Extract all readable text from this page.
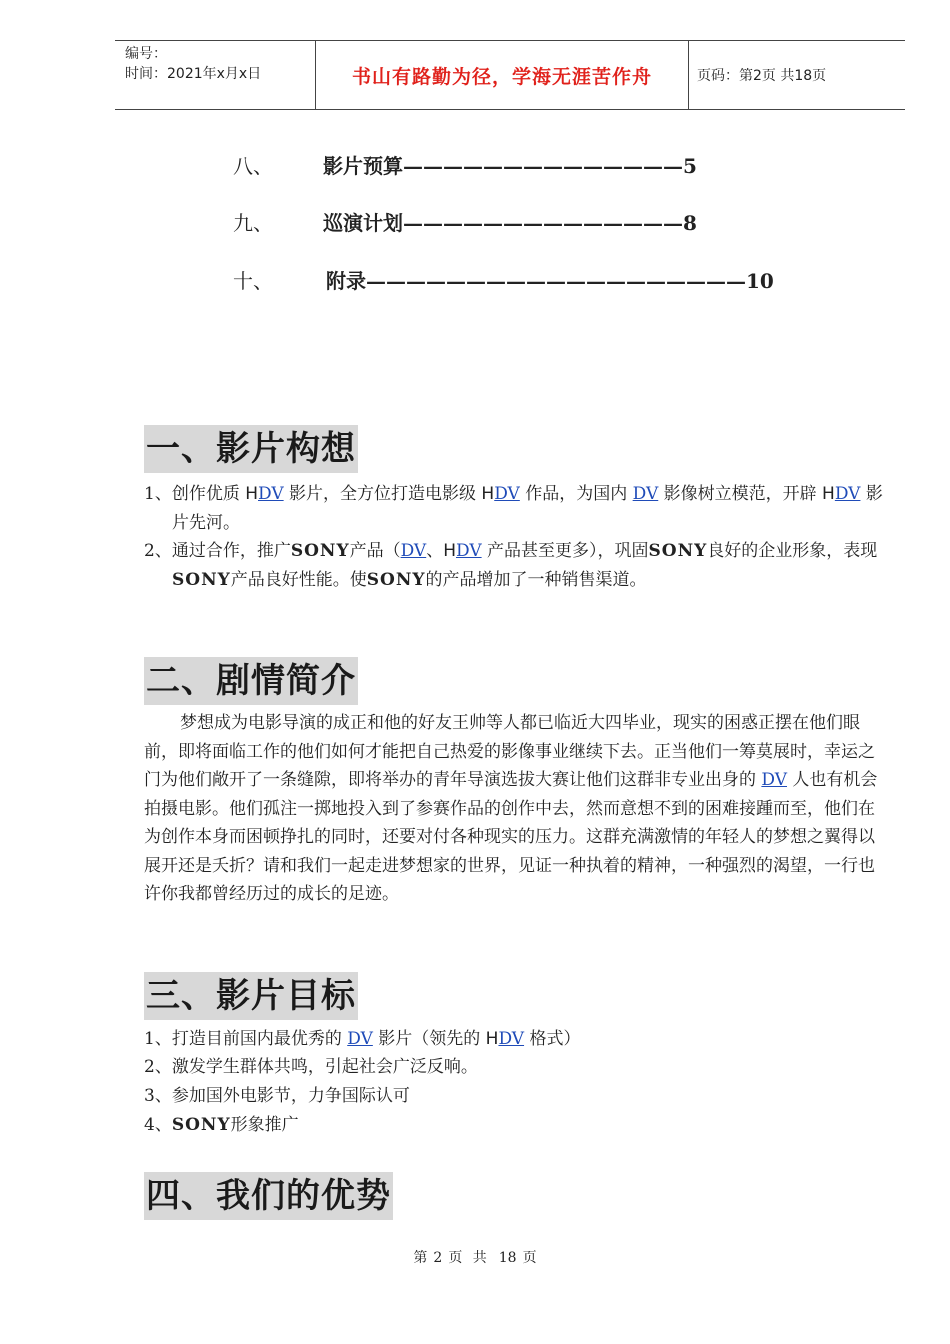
编号：
时间：2021年x月x日	书山有路勤为径，学海无涯苦作舟	页码：第2页 共18页
八、	影片预算——————————————5
九、	巡演计划——————————————8
十、	附录———————————————————10
一、影片构想
1、创作优质 HDV 影片，全方位打造电影级 HDV 作品，为国内 DV 影像树立模范，开辟 HDV 影片先河。
2、通过合作，推广SONY产品（DV、HDV 产品甚至更多），巩固SONY良好的企业形象，表现SONY产品良好性能。使SONY的产品增加了一种销售渠道。
二、剧情简介
梦想成为电影导演的成正和他的好友王帅等人都已临近大四毕业，现实的困惑正摆在他们眼前，即将面临工作的他们如何才能把自己热爱的影像事业继续下去。正当他们一筹莫展时，幸运之门为他们敞开了一条缝隙，即将举办的青年导演选拔大赛让他们这群非专业出身的 DV 人也有机会拍摄电影。他们孤注一掷地投入到了参赛作品的创作中去，然而意想不到的困难接踵而至，他们在为创作本身而困顿挣扎的同时，还要对付各种现实的压力。这群充满激情的年轻人的梦想之翼得以展开还是夭折？请和我们一起走进梦想家的世界，见证一种执着的精神，一种强烈的渴望，一行也许你我都曾经历过的成长的足迹。
三、影片目标
1、打造目前国内最优秀的 DV 影片（领先的 HDV 格式）
2、激发学生群体共鸣，引起社会广泛反响。
3、参加国外电影节，力争国际认可
4、SONY形象推广
四、我们的优势
第 2 页 共 18 页
